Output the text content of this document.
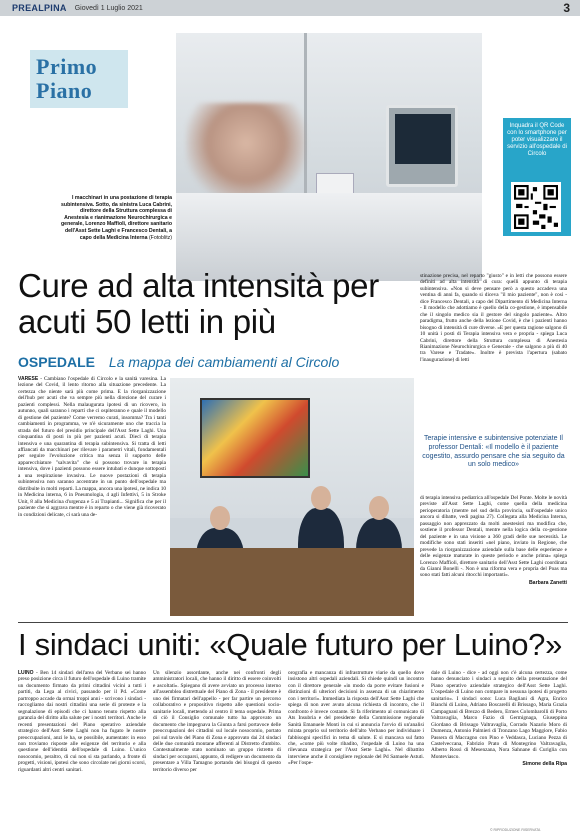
PREALPINA Giovedì 1 Luglio 2021	3
Primo
Piano
Inquadra il QR Code con lo smartphone per poter visualizzare il servizio all'ospedale di Circolo
I macchinari in una postazione di terapia subintensiva. Sotto, da sinistra Luca Cabrini, direttore della Struttura complessa di Anestesia e rianimazione Neurochirurgica e generale, Lorenzo Maffioli, direttore sanitario dell'Asst Sette Laghi e Francesco Dentali, a capo della Medicina Interna (Fotoblitz)
Cure ad alta intensità per acuti 50 letti in più
OSPEDALE La mappa dei cambiamenti al Circolo
VARESE - Cambiano l'ospedale di Circolo e la sanità varesina. La lezione del Covid, il lento ritorno alla situazione precedente. La certezza che niente sarà più come prima. E la riorganizzazione dell'hub per acuti che va sempre più nella direzione del curare i pazienti complessi. Nella malaugurata ipotesi di un ricovero, in autunno, quali saranno i reparti che ci ospiteranno e quale il modello di gestione del paziente? Come verremo curati, insomma? Tra i tanti cambiamenti in programma, ve n'è sicuramente uno che traccia la strada del futuro del presidio principale dell'Asst Sette Laghi. Una cinquantina di posti in più per pazienti acuti. Dieci di terapia intensiva e una quarantina di terapia subintensiva. Si tratta di letti affiancati da macchinari per rilevare i parametri vitali, fondamentali per seguire l'evoluzione critica ma senza il supporto delle apparecchiature "salvavita" che si possono trovare in terapia intensiva, dove i pazienti possono essere intubati e dunque sottoposti a una respirazione invasiva. Le nuove postazioni di terapia subintensiva non saranno accentrate in un punto dell'ospedale ma distribuite in molti reparti. La mappa, ancora una ipotesi, ne indica 10 in Medicina interna, 6 in Pneumologia, 4 agli Infettivi, 5 in Stroke Unit, 8 alla Medicina d'urgenza e 5 ai Trapianti... Significa che per il paziente che si aggrava mentre è in reparto o che viene già ricoverato in condizioni delicate, ci sarà una de-
stinazione precisa, nel reparto "giusto" e in letti che possono essere definiti ad alta intensità di cura: quelli appunto di terapia subintensiva. «Non si deve pensare però a questo accadeva una ventina di anni fa, quando si diceva "il mio paziente", non è così - dice Francesco Dentali, a capo del Dipartimento di Medicina Interna - Il modello che adottiamo è quello della co-gestione, è impensabile che il singolo medico sia il gestore del singolo paziente». Altro paradigma, frutto anche della lezione Covid, è che i pazienti hanno bisogno di intensità di cure diverse. «E per questa ragione salgono di 10 unità i posti di Terapia intensiva vera e propria - spiega Luca Cabrini, direttore della Struttura complessa di Anestesia Rianimazione Neurochirurgica e Generale - che salgono a più di 40 tra Varese e Tradate». Inoltre è prevista l'apertura (sabato l'inaugurazione) di letti
Terapie intensive e subintensive potenziate Il professor Dentali: «Il modello è il paziente cogestito, assurdo pensare che sia seguito da un solo medico»
di terapia intensiva pediatrica all'ospedale Del Ponte. Molte le novità previste all'Asst Sette Laghi, come quella della medicina perioperatoria (mentre nel sud della provincia, sull'ospedale unico ancora si dibatte, vedi pagina 27). Collegata alla Medicina Interna, passaggio non apprezzato da molti anestesisti ma modifica che, sostiene il professor Dentali, mentre nella logica della co-gestione del paziente e in una visione a 360 gradi delle sue necessità. Le modifiche sono stati inseriti «nel piano, inviato in Regione, che prevede la riorganizzazione aziendale sulla base delle esperienze e delle esigenze maturate in queste periodo e anche prima» spiega Lorenzo Maffioli, direttore sanitario dell'Asst Sette Laghi coordinata da Gianni Bonelli -. Non è una riforma vera e propria del Poas ma sono stati fatti alcuni ritocchi importanti».
Barbara Zanetti
I sindaci uniti: «Quale futuro per Luino?»
LUINO - Ben 14 sindaci dell'area del Verbano sei hanno preso posizione circa il futuro dell'ospedale di Luino tramite un documento firmato da primi cittadini vicini a tutti i partiti, da Lega al civici, passando per il Pd. «Come partroppo accade da ormai troppi anni - scrivono i sindaci - raccogliamo dai nostri cittadini una serie di proteste e la segnalazione di episodi che ci hanno tenuto rispetto alla garanzia del diritto alla salute per i nostri territori. Anche le recenti presentazioni del Piano operativo aziendale strategico dell'Asst Sette Laghi non ha fugato le nostre preoccupazioni, anzi le ha, se possibile, aumentate: in esso non troviamo risposte alle esigenze del territorio e alla questione dell'identità dell'ospedale di Luino. L'unico nosocomio, peraltro, di cui non si sta parlando, a fronte di progetti, visioni, ipotesi che sono circolate nei giorni scorsi, riguardanti altri centri sanitari.
Un silenzio assordante, anche nei confronti degli amministratori locali, che hanno il diritto di essere coinvolti e ascoltati». Spiegano di avere avviato un processo interno all'assemblea distrettuale del Piano di Zona - il presidente è uno dei firmatari dell'appello - per far partire un percorso collaborativo e propositivo rispetto alle questioni socio-sanitarie locali, mettendo al centro il tema ospedale. Prima di ciò il Consiglio comunale tutto ha approvato un documento che impegnava la Giunta a farsi portavoce delle preoccupazioni dei cittadini sul locale nosocomio, portato poi sul tavolo del Piano di Zona e approvato dai 24 sindaci delle due comunità montane afferenti al Distretto d'ambito. Contestualmente stato nominato un gruppo ristretto di sindaci per occuparsi, appunto, di redigere un documento da presentare a Villa Tamagno portando dei bisogni di questo territorio diverso per
orografia e mancanza di infrastrutture viarie da quello dove insistono altri ospedali aziendali. Si chiede quindi un incontro con il direttore generale «in modo da porre evitare fusioni e distinzioni di ulteriori decisioni in assenza di un chiarimento con i territori». Immediata la risposta dell'Asst Sette Laghi che spiega di non aver avuto alcuna richiesta di incontro, che il confronto è invece costante. Si fa riferimento al comunicato di Ats Insubria e del presidente della Commissione regionale Sanità Emanuele Monti in cui si annuncia l'avvio di un'analisi mirata proprio sul territorio dell'alto Verbano per individuare i fabbisogni specifici in tema di salute. E si mancava sul fatto che, «come più volte ribadito, l'ospedale di Luino ha una rilevanza strategica per l'Asst Sette Laghi». Nel dibattito interviene anche il consigliere regionale del Pd Samuele Astuti. «Per l'ospe-
dale di Luino - dice - ad oggi non c'è alcuna certezza, come hanno denunciato i sindaci a seguito della presentazione del Piano operativo aziendale strategico dell'Asst Sette Laghi. L'ospedale di Luino non compare in nessuna ipotesi di progetto sanitario». I sindaci sono: Luca Bagliani di Agra, Enrico Bianchi di Luino, Adriano Boscarelli di Brissago, Maria Grazia Campagnani di Brezzo di Bedero, Ermes Colombarolli di Porto Valtravaglia, Marco Fazio di Germignaga, Giuseppina Giordano di Brissago Valtravaglia, Corrado Nazario Moro di Dumenza, Antonio Palmieri di Tronzano Lago Maggiore, Fabio Passera di Maccagno con Pino e Veddasca, Luciano Pezza di Castelveccana, Fabrizio Prato di Montegrino Valtravaglia, Alberto Rossi di Mesenzana, Nora Sahnane di Curiglia con Monteviasco.
Simone della Ripa
© RIPRODUZIONE RISERVATA
